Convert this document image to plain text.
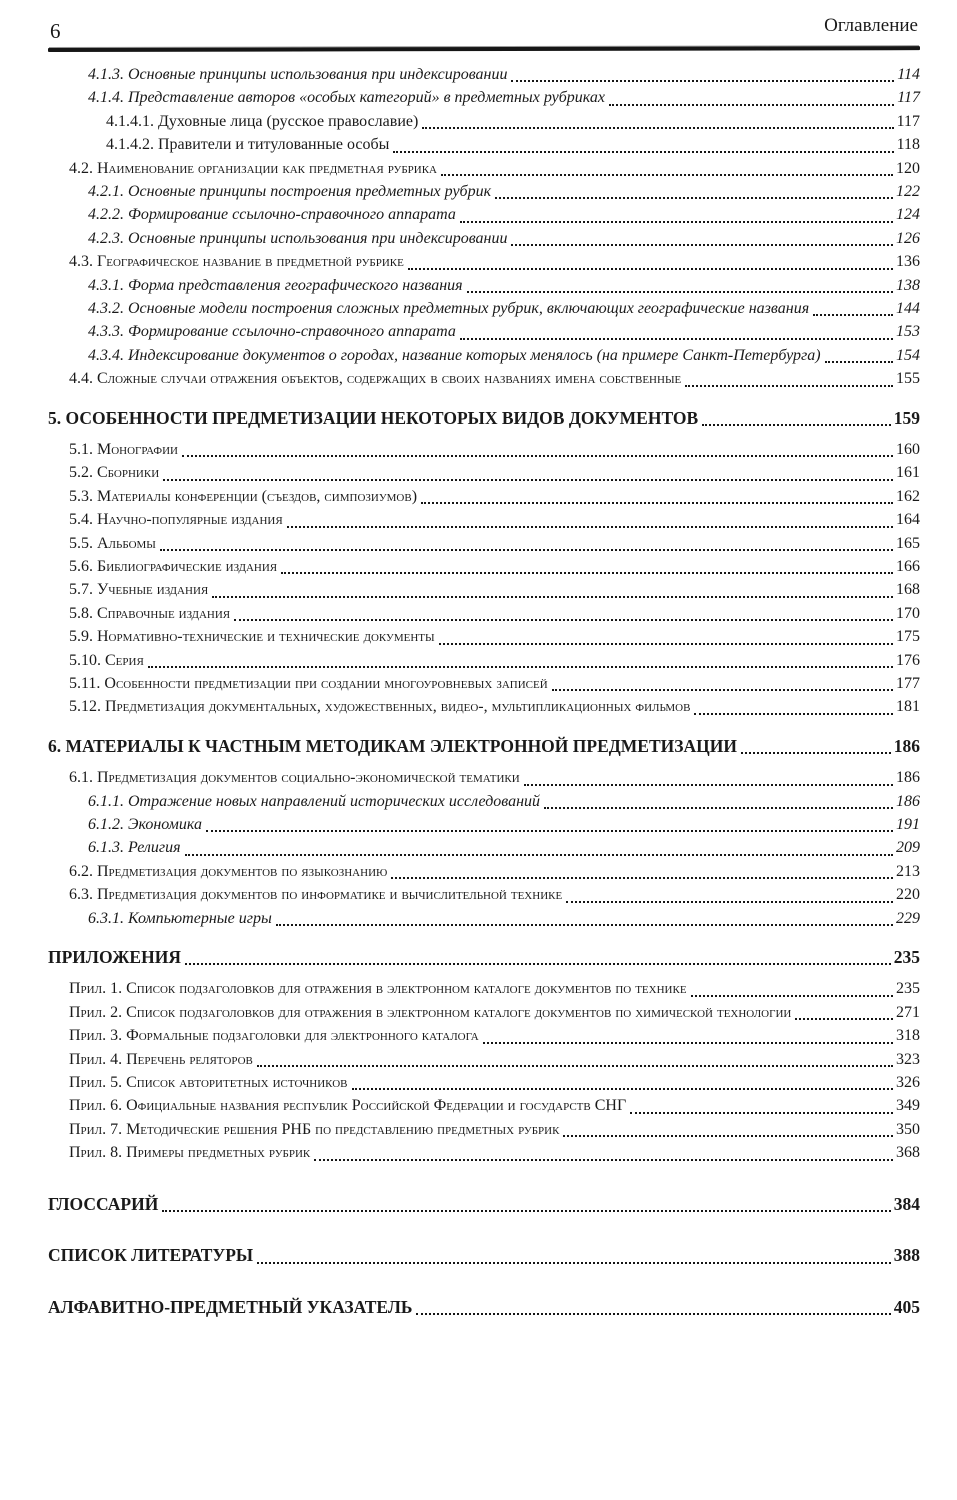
6	Оглавление
4.1.3. Основные принципы использования при индексировании	114
4.1.4. Представление авторов «особых категорий» в предметных рубриках	117
4.1.4.1. Духовные лица (русское православие)	117
4.1.4.2. Правители и титулованные особы	118
4.2. Наименование организации как предметная рубрика	120
4.2.1. Основные принципы построения предметных рубрик	122
4.2.2. Формирование ссылочно-справочного аппарата	124
4.2.3. Основные принципы использования при индексировании	126
4.3. Географическое название в предметной рубрике	136
4.3.1. Форма представления географического названия	138
4.3.2. Основные модели построения сложных предметных рубрик, включающих географические названия	144
4.3.3. Формирование ссылочно-справочного аппарата	153
4.3.4. Индексирование документов о городах, название которых менялось (на примере Санкт-Петербурга)	154
4.4. Сложные случаи отражения объектов, содержащих в своих названиях имена собственные	155
5. ОСОБЕННОСТИ ПРЕДМЕТИЗАЦИИ НЕКОТОРЫХ ВИДОВ ДОКУМЕНТОВ	159
5.1. Монографии	160
5.2. Сборники	161
5.3. Материалы конференции (съездов, симпозиумов)	162
5.4. Научно-популярные издания	164
5.5. Альбомы	165
5.6. Библиографические издания	166
5.7. Учебные издания	168
5.8. Справочные издания	170
5.9. Нормативно-технические и технические документы	175
5.10. Серия	176
5.11. Особенности предметизации при создании многоуровневых записей	177
5.12. Предметизация документальных, художественных, видео-, мультипликационных фильмов	181
6. МАТЕРИАЛЫ К ЧАСТНЫМ МЕТОДИКАМ ЭЛЕКТРОННОЙ ПРЕДМЕТИЗАЦИИ	186
6.1. Предметизация документов социально-экономической тематики	186
6.1.1. Отражение новых направлений исторических исследований	186
6.1.2. Экономика	191
6.1.3. Религия	209
6.2. Предметизация документов по языкознанию	213
6.3. Предметизация документов по информатике и вычислительной технике	220
6.3.1. Компьютерные игры	229
ПРИЛОЖЕНИЯ	235
Прил. 1. Список подзаголовков для отражения в электронном каталоге документов по технике	235
Прил. 2. Список подзаголовков для отражения в электронном каталоге документов по химической технологии	271
Прил. 3. Формальные подзаголовки для электронного каталога	318
Прил. 4. Перечень реляторов	323
Прил. 5. Список авторитетных источников	326
Прил. 6. Официальные названия республик Российской Федерации и государств СНГ	349
Прил. 7. Методические решения РНБ по представлению предметных рубрик	350
Прил. 8. Примеры предметных рубрик	368
ГЛОССАРИЙ	384
СПИСОК ЛИТЕРАТУРЫ	388
АЛФАВИТНО-ПРЕДМЕТНЫЙ УКАЗАТЕЛЬ	405
